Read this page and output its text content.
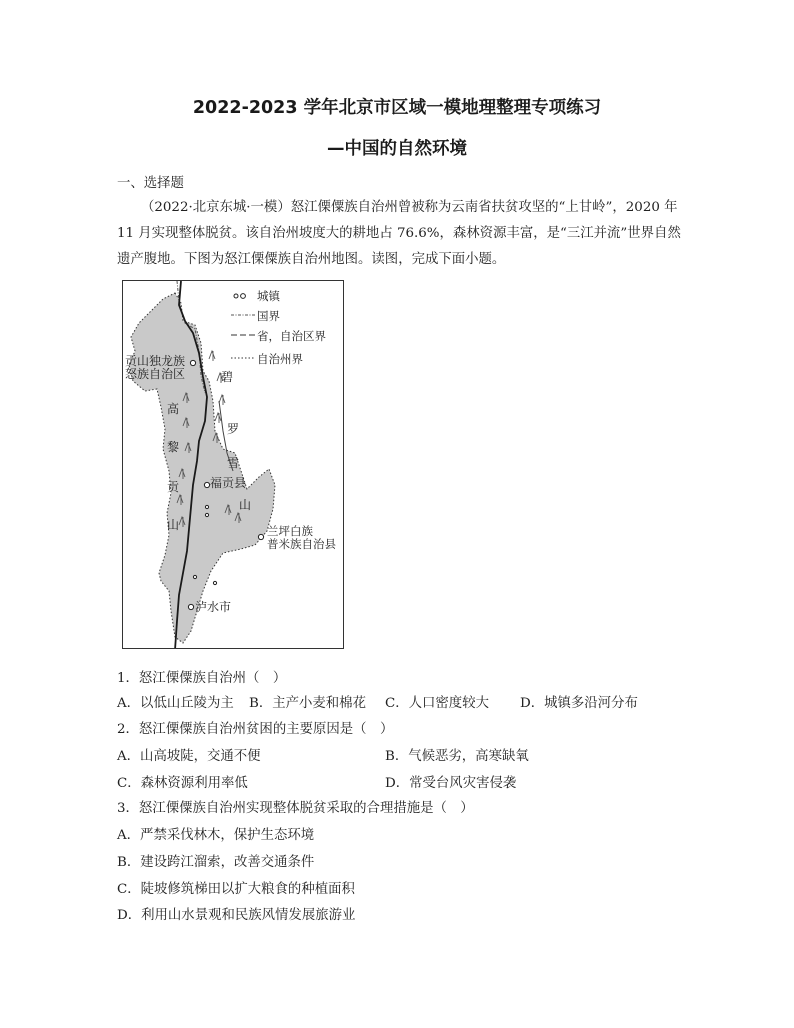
2022-2023 学年北京市区域一模地理整理专项练习
—中国的自然环境
一、选择题
（2022·北京东城·一模）怒江傈僳族自治州曾被称为云南省扶贫攻坚的“上甘岭”，2020 年
11 月实现整体脱贫。该自治州坡度大的耕地占 76.6%，森林资源丰富，是“三江并流”世界自然
遗产腹地。下图为怒江傈僳族自治州地图。读图，完成下面小题。
城镇
国界
省，自治区界
自治州界
贡山独龙族
怒族自治区
福贡县
兰坪白族
普米族自治县
泸水市
高
黎
贡
山
碧
罗
雪
山
1．怒江傈僳族自治州（　）
A．以低山丘陵为主 B．主产小麦和棉花 C．人口密度较大 D．城镇多沿河分布
2．怒江傈僳族自治州贫困的主要原因是（　）
A．山高坡陡，交通不便	B．气候恶劣，高寒缺氧
C．森林资源利用率低	D．常受台风灾害侵袭
3．怒江傈僳族自治州实现整体脱贫采取的合理措施是（　）
A．严禁采伐林木，保护生态环境
B．建设跨江溜索，改善交通条件
C．陡坡修筑梯田以扩大粮食的种植面积
D．利用山水景观和民族风情发展旅游业
